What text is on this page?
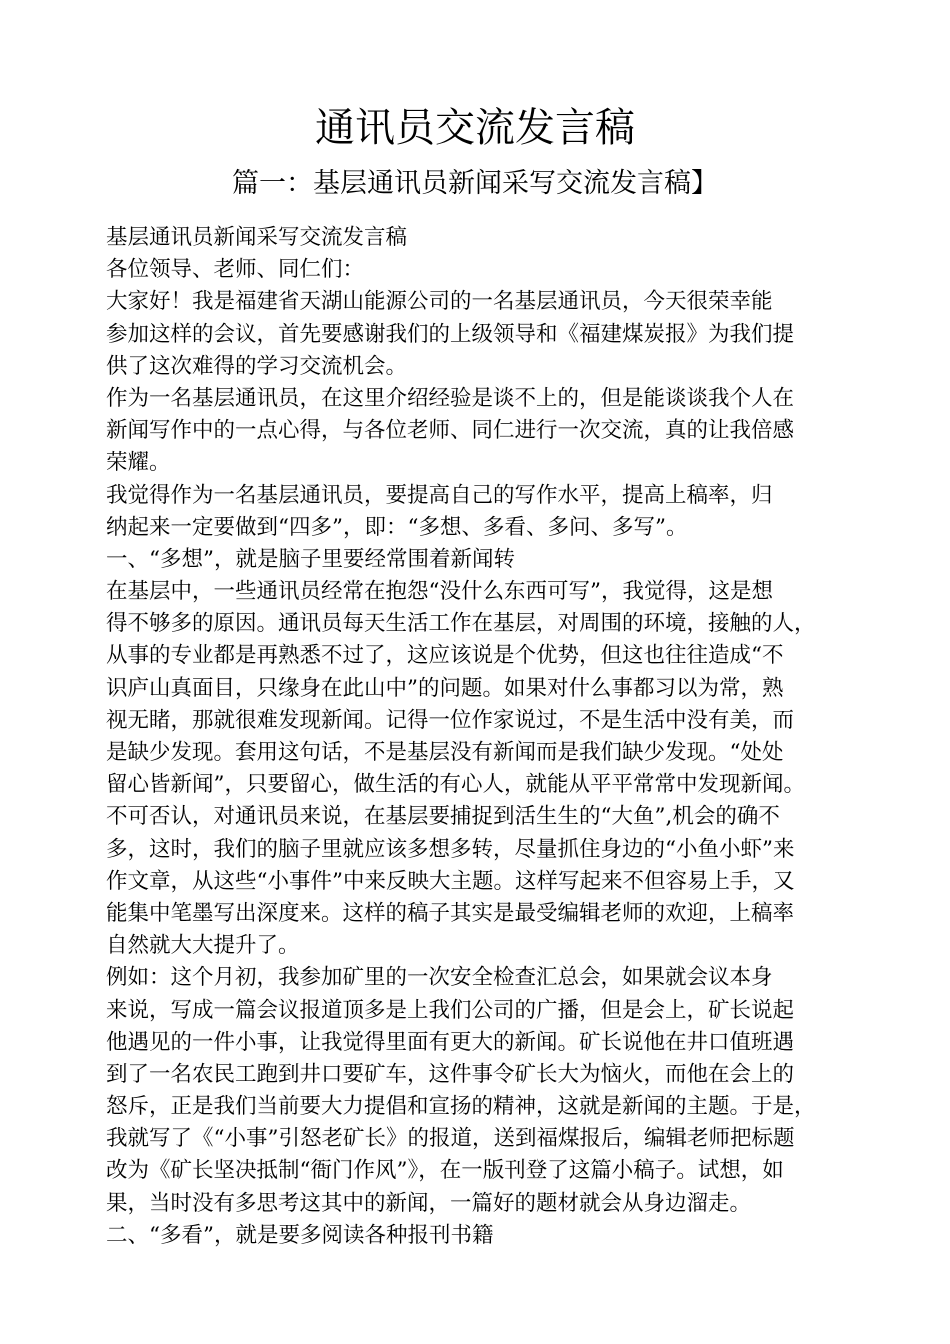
通讯员交流发言稿
篇一：基层通讯员新闻采写交流发言稿】
基层通讯员新闻采写交流发言稿
各位领导、老师、同仁们：
大家好！我是福建省天湖山能源公司的一名基层通讯员，今天很荣幸能
参加这样的会议，首先要感谢我们的上级领导和《福建煤炭报》为我们提
供了这次难得的学习交流机会。
作为一名基层通讯员，在这里介绍经验是谈不上的，但是能谈谈我个人在
新闻写作中的一点心得，与各位老师、同仁进行一次交流，真的让我倍感
荣耀。
我觉得作为一名基层通讯员，要提高自己的写作水平，提高上稿率，归
纳起来一定要做到“四多”，即：“多想、多看、多问、多写”。
一、“多想”，就是脑子里要经常围着新闻转
在基层中，一些通讯员经常在抱怨“没什么东西可写”，我觉得，这是想
得不够多的原因。通讯员每天生活工作在基层，对周围的环境，接触的人，
从事的专业都是再熟悉不过了，这应该说是个优势，但这也往往造成“不
识庐山真面目，只缘身在此山中”的问题。如果对什么事都习以为常，熟
视无睹，那就很难发现新闻。记得一位作家说过，不是生活中没有美，而
是缺少发现。套用这句话，不是基层没有新闻而是我们缺少发现。“处处
留心皆新闻”，只要留心，做生活的有心人，就能从平平常常中发现新闻。
不可否认，对通讯员来说，在基层要捕捉到活生生的“大鱼”,机会的确不
多，这时，我们的脑子里就应该多想多转，尽量抓住身边的“小鱼小虾”来
作文章，从这些“小事件”中来反映大主题。这样写起来不但容易上手，又
能集中笔墨写出深度来。这样的稿子其实是最受编辑老师的欢迎，上稿率
自然就大大提升了。
例如：这个月初，我参加矿里的一次安全检查汇总会，如果就会议本身
来说，写成一篇会议报道顶多是上我们公司的广播，但是会上，矿长说起
他遇见的一件小事，让我觉得里面有更大的新闻。矿长说他在井口值班遇
到了一名农民工跑到井口要矿车，这件事令矿长大为恼火，而他在会上的
怒斥，正是我们当前要大力提倡和宣扬的精神，这就是新闻的主题。于是，
我就写了《“小事”引怒老矿长》的报道，送到福煤报后，编辑老师把标题
改为《矿长坚决抵制“衙门作风”》，在一版刊登了这篇小稿子。试想，如
果，当时没有多思考这其中的新闻，一篇好的题材就会从身边溜走。
二、“多看”，就是要多阅读各种报刊书籍
